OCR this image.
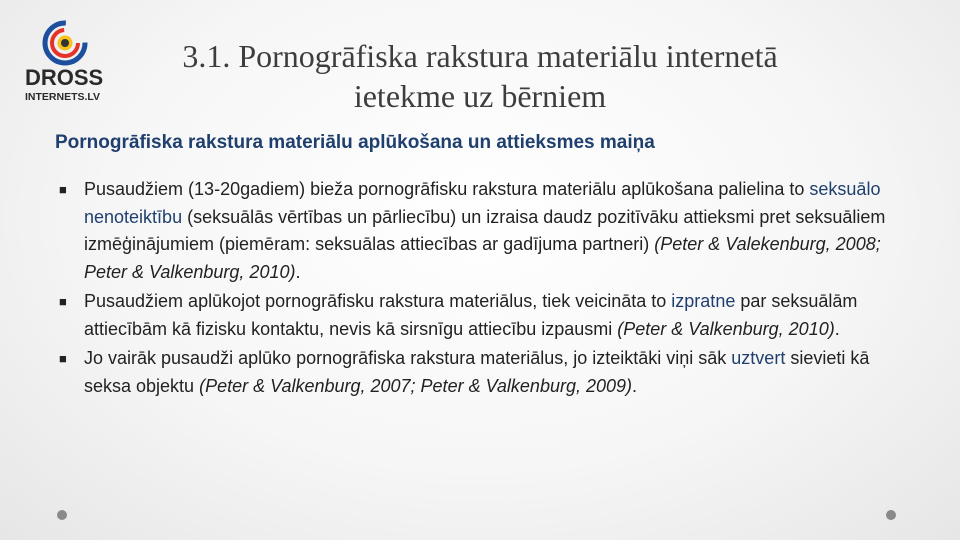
DROSS
INTERNETS.LV
3.1. Pornogrāfiska rakstura materiālu internetā
ietekme uz bērniem
Pornogrāfiska rakstura materiālu aplūkošana un attieksmes maiņa
■ Pusaudžiem (13-20gadiem) bieža pornogrāfisku rakstura materiālu aplūkošana palielina to seksuālo nenoteiktību (seksuālās vērtības un pārliecību) un izraisa daudz pozitīvāku attieksmi pret seksuāliem izmēģinājumiem (piemēram: seksuālas attiecības ar gadījuma partneri) (Peter & Valekenburg, 2008; Peter & Valkenburg, 2010).
■ Pusaudžiem aplūkojot pornogrāfisku rakstura materiālus, tiek veicināta to izpratne par seksuālām attiecībām kā fizisku kontaktu, nevis kā sirsnīgu attiecību izpausmi (Peter & Valkenburg, 2010).
■ Jo vairāk pusaudži aplūko pornogrāfiska rakstura materiālus, jo izteiktāki viņi sāk uztvert sievieti kā seksa objektu (Peter & Valkenburg, 2007; Peter & Valkenburg, 2009).
